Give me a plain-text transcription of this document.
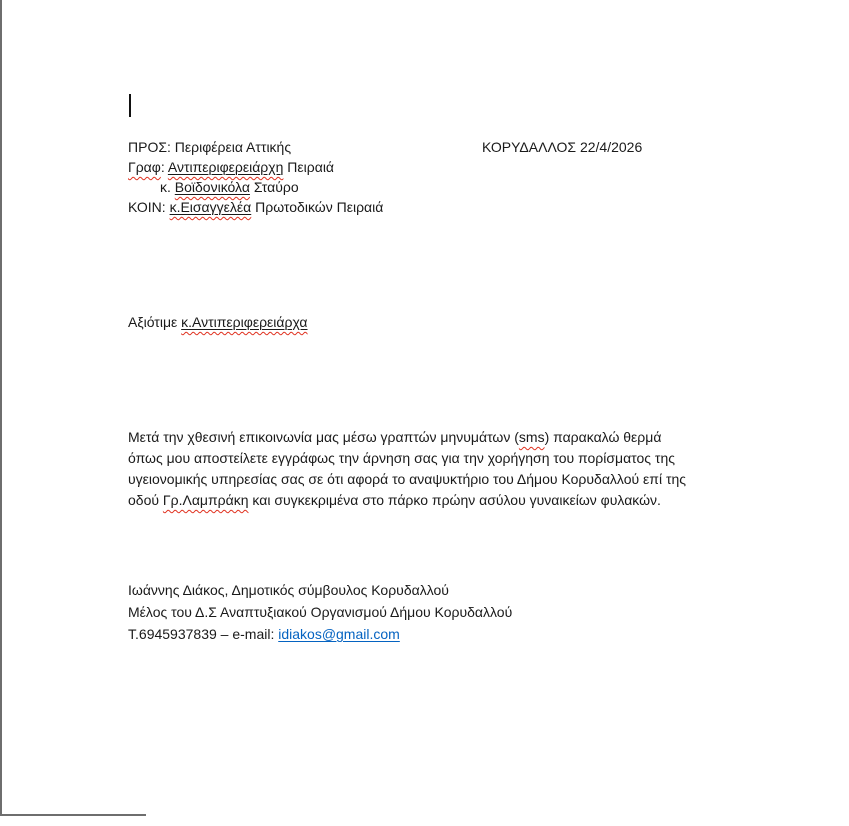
ΠΡΟΣ: Περιφέρεια Αττικής	ΚΟΡΥΔΑΛΛΟΣ 22/4/2026
Γραφ: Αντιπεριφερειάρχη Πειραιά
κ. Βοϊδονικόλα Σταύρο
ΚΟΙΝ: κ.Εισαγγελέα Πρωτοδικών Πειραιά
Αξιότιμε κ.Αντιπεριφερειάρχα
Μετά την χθεσινή επικοινωνία μας μέσω γραπτών μηνυμάτων (sms) παρακαλώ θερμά
όπως μου αποστείλετε εγγράφως την άρνηση σας για την χορήγηση του πορίσματος της
υγειονομικής υπηρεσίας σας σε ότι αφορά το αναψυκτήριο του Δήμου Κορυδαλλού επί της
οδού Γρ.Λαμπράκη και συγκεκριμένα στο πάρκο πρώην ασύλου γυναικείων φυλακών.
Ιωάννης Διάκος, Δημοτικός σύμβουλος Κορυδαλλού
Μέλος του Δ.Σ Αναπτυξιακού Οργανισμού Δήμου Κορυδαλλού
Τ.6945937839 – e-mail: idiakos@gmail.com
